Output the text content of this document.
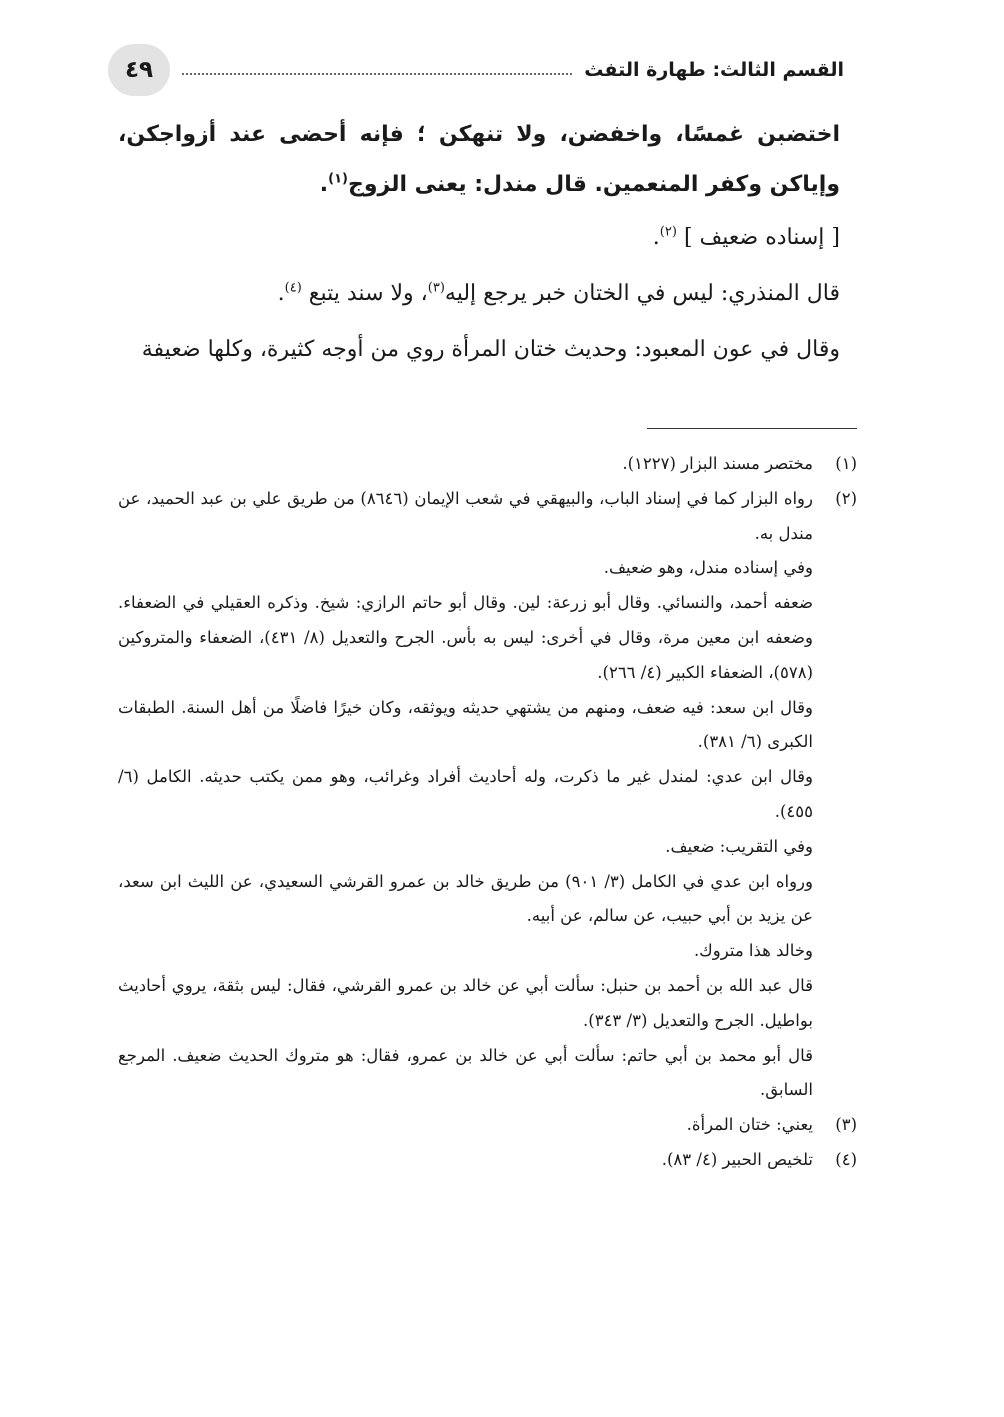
٤٩	القسم الثالث: طهارة التفث

اختضبن غمسًا، واخفضن، ولا تنهكن ؛ فإنه أحضى عند أزواجكن، وإياكن وكفر المنعمين. قال مندل: يعنى الزوج$^{(١)}$.

[ إسناده ضعيف ] $^{(٢)}$.

قال المنذري: ليس في الختان خبر يرجع إليه$^{(٣)}$، ولا سند يتبع $^{(٤)}$.

وقال في عون المعبود: وحديث ختان المرأة روي من أوجه كثيرة، وكلها ضعيفة

(١)

مختصر مسند البزار (١٢٢٧).

(٢)

رواه البزار كما في إسناد الباب، والبيهقي في شعب الإيمان (٨٦٤٦) من طريق علي بن عبد الحميد، عن مندل به.

وفي إسناده مندل، وهو ضعيف.

ضعفه أحمد، والنسائي. وقال أبو زرعة: لين. وقال أبو حاتم الرازي: شيخ. وذكره العقيلي في الضعفاء. وضعفه ابن معين مرة، وقال في أخرى: ليس به بأس. الجرح والتعديل (٨/ ٤٣١)، الضعفاء والمتروكين (٥٧٨)، الضعفاء الكبير (٤/ ٢٦٦).

وقال ابن سعد: فيه ضعف، ومنهم من يشتهي حديثه ويوثقه، وكان خيرًا فاضلًا من أهل السنة. الطبقات الكبرى (٦/ ٣٨١).

وقال ابن عدي: لمندل غير ما ذكرت، وله أحاديث أفراد وغرائب، وهو ممن يكتب حديثه. الكامل (٦/ ٤٥٥).

وفي التقريب: ضعيف.

ورواه ابن عدي في الكامل (٣/ ٩٠١) من طريق خالد بن عمرو القرشي السعيدي، عن الليث ابن سعد، عن يزيد بن أبي حبيب، عن سالم، عن أبيه.

وخالد هذا متروك.

قال عبد الله بن أحمد بن حنبل: سألت أبي عن خالد بن عمرو القرشي، فقال: ليس بثقة، يروي أحاديث بواطيل. الجرح والتعديل (٣/ ٣٤٣).

قال أبو محمد بن أبي حاتم: سألت أبي عن خالد بن عمرو، فقال: هو متروك الحديث ضعيف. المرجع السابق.

(٣)

يعني: ختان المرأة.

(٤)

تلخيص الحبير (٤/ ٨٣).
